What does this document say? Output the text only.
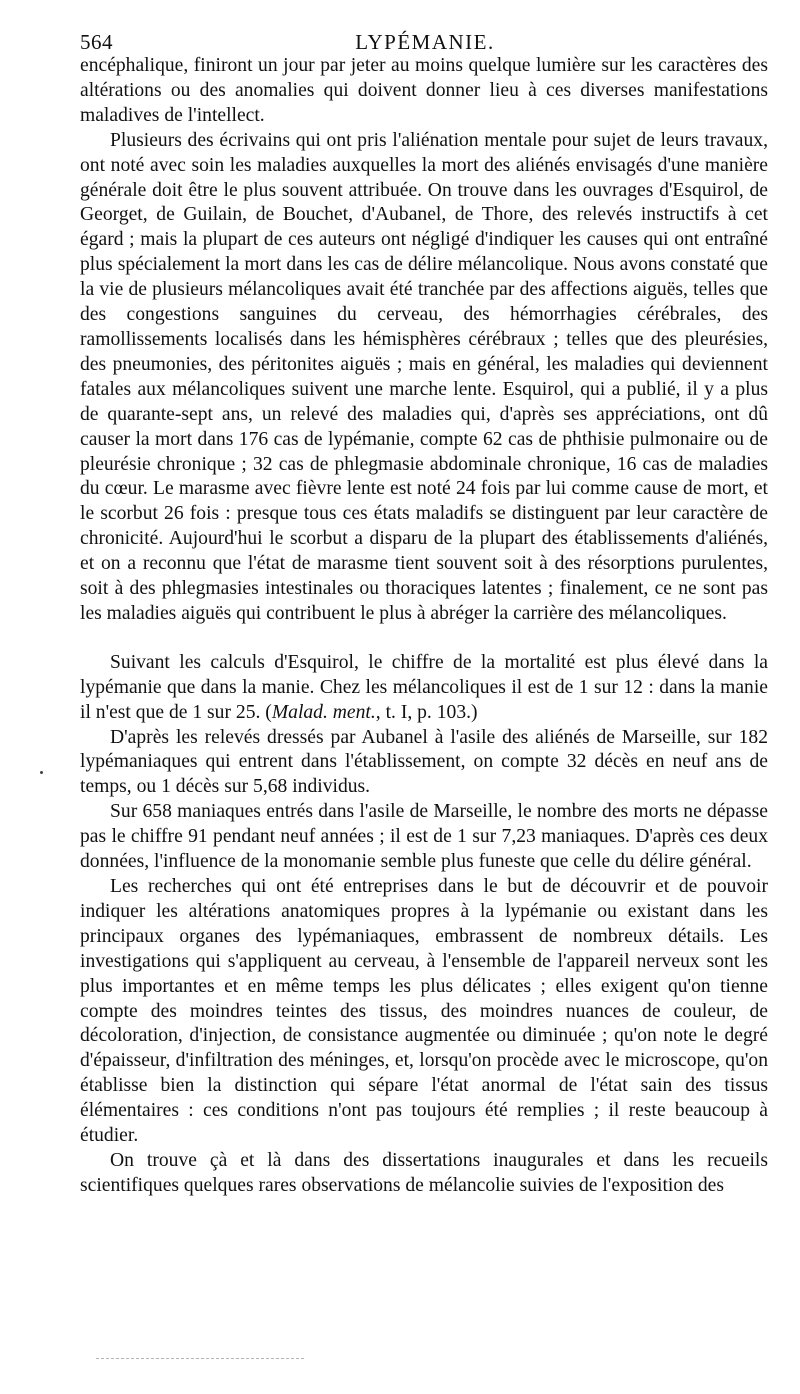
564	LYPÉMANIE.

encéphalique, finiront un jour par jeter au moins quelque lumière sur les caractères des altérations ou des anomalies qui doivent donner lieu à ces diverses manifestations maladives de l'intellect.

Plusieurs des écrivains qui ont pris l'aliénation mentale pour sujet de leurs travaux, ont noté avec soin les maladies auxquelles la mort des aliénés envisagés d'une manière générale doit être le plus souvent attribuée. On trouve dans les ouvrages d'Esquirol, de Georget, de Guilain, de Bouchet, d'Aubanel, de Thore, des relevés instructifs à cet égard ; mais la plupart de ces auteurs ont négligé d'indiquer les causes qui ont entraîné plus spécialement la mort dans les cas de délire mélancolique. Nous avons constaté que la vie de plusieurs mélancoliques avait été tranchée par des affections aiguës, telles que des congestions sanguines du cerveau, des hémorrhagies cérébrales, des ramollissements localisés dans les hémisphères cérébraux ; telles que des pleurésies, des pneumonies, des péritonites aiguës ; mais en général, les maladies qui deviennent fatales aux mélancoliques suivent une marche lente. Esquirol, qui a publié, il y a plus de quarante-sept ans, un relevé des maladies qui, d'après ses appréciations, ont dû causer la mort dans 176 cas de lypémanie, compte 62 cas de phthisie pulmonaire ou de pleurésie chronique ; 32 cas de phlegmasie abdominale chronique, 16 cas de maladies du cœur. Le marasme avec fièvre lente est noté 24 fois par lui comme cause de mort, et le scorbut 26 fois : presque tous ces états maladifs se distinguent par leur caractère de chronicité. Aujourd'hui le scorbut a disparu de la plupart des établissements d'aliénés, et on a reconnu que l'état de marasme tient souvent soit à des résorptions purulentes, soit à des phlegmasies intestinales ou thoraciques latentes ; finalement, ce ne sont pas les maladies aiguës qui contribuent le plus à abréger la carrière des mélancoliques.

Suivant les calculs d'Esquirol, le chiffre de la mortalité est plus élevé dans la lypémanie que dans la manie. Chez les mélancoliques il est de 1 sur 12 : dans la manie il n'est que de 1 sur 25. (Malad. ment., t. I, p. 103.)

D'après les relevés dressés par Aubanel à l'asile des aliénés de Marseille, sur 182 lypémaniaques qui entrent dans l'établissement, on compte 32 décès en neuf ans de temps, ou 1 décès sur 5,68 individus.

Sur 658 maniaques entrés dans l'asile de Marseille, le nombre des morts ne dépasse pas le chiffre 91 pendant neuf années ; il est de 1 sur 7,23 maniaques. D'après ces deux données, l'influence de la monomanie semble plus funeste que celle du délire général.

Les recherches qui ont été entreprises dans le but de découvrir et de pouvoir indiquer les altérations anatomiques propres à la lypémanie ou existant dans les principaux organes des lypémaniaques, embrassent de nombreux détails. Les investigations qui s'appliquent au cerveau, à l'ensemble de l'appareil nerveux sont les plus importantes et en même temps les plus délicates ; elles exigent qu'on tienne compte des moindres teintes des tissus, des moindres nuances de couleur, de décoloration, d'injection, de consistance augmentée ou diminuée ; qu'on note le degré d'épaisseur, d'infiltration des méninges, et, lorsqu'on procède avec le microscope, qu'on établisse bien la distinction qui sépare l'état anormal de l'état sain des tissus élémentaires : ces conditions n'ont pas toujours été remplies ; il reste beaucoup à étudier.

On trouve çà et là dans des dissertations inaugurales et dans les recueils scientifiques quelques rares observations de mélancolie suivies de l'exposition des
